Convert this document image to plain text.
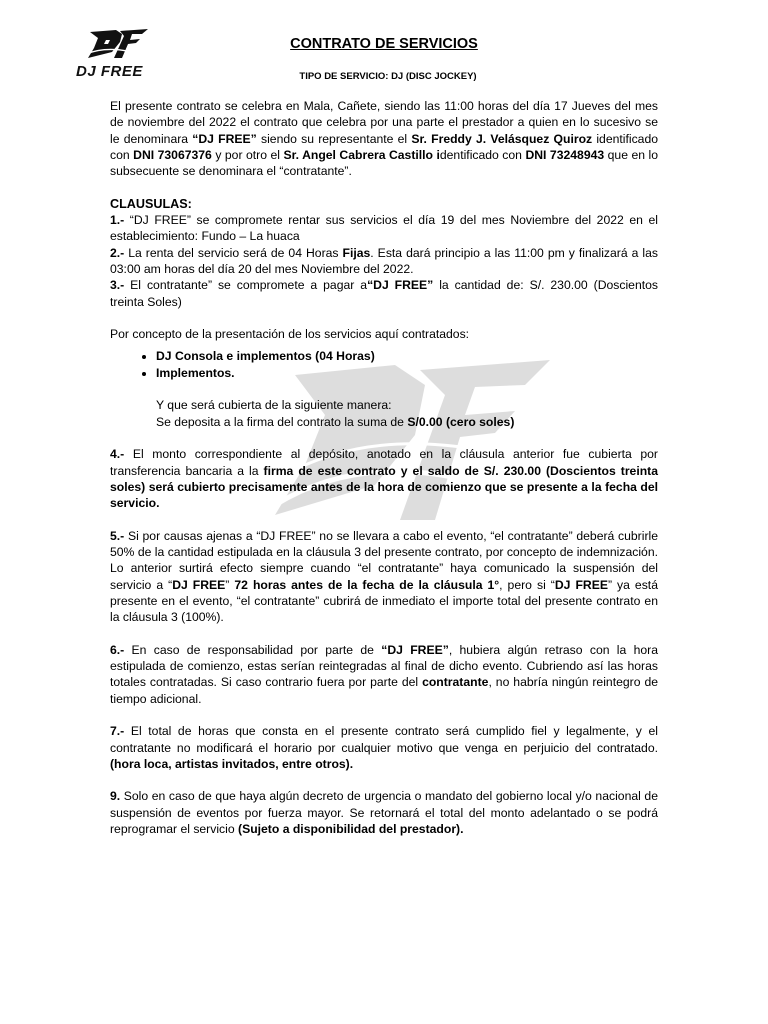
DJ FREE
CONTRATO DE SERVICIOS
TIPO DE SERVICIO: DJ (DISC JOCKEY)

El presente contrato se celebra en Mala, Cañete, siendo las 11:00 horas del día 17 Jueves del mes de noviembre del 2022 el contrato que celebra por una parte el prestador a quien en lo sucesivo se le denominara “DJ FREE” siendo su representante el Sr. Freddy J. Velásquez Quiroz identificado con DNI 73067376 y por otro el Sr. Angel Cabrera Castillo identificado con DNI 73248943 que en lo subsecuente se denominara el “contratante”.

CLAUSULAS:

1.- “DJ FREE” se compromete rentar sus servicios el día 19 del mes Noviembre del 2022 en el establecimiento: Fundo – La huaca

2.- La renta del servicio será de 04 Horas Fijas. Esta dará principio a las 11:00 pm y finalizará a las 03:00 am horas del día 20 del mes Noviembre del 2022.

3.- El contratante” se compromete a pagar a“DJ FREE” la cantidad de: S/. 230.00 (Doscientos treinta Soles)

Por concepto de la presentación de los servicios aquí contratados:

• DJ Consola e implementos (04 Horas)
• Implementos.

Y que será cubierta de la siguiente manera:

Se deposita a la firma del contrato la suma de S/0.00 (cero soles)

4.- El monto correspondiente al depósito, anotado en la cláusula anterior fue cubierta por transferencia bancaria a la firma de este contrato y el saldo de S/. 230.00 (Doscientos treinta soles) será cubierto precisamente antes de la hora de comienzo que se presente a la fecha del servicio.

5.- Si por causas ajenas a “DJ FREE” no se llevara a cabo el evento, “el contratante” deberá cubrirle 50% de la cantidad estipulada en la cláusula 3 del presente contrato, por concepto de indemnización. Lo anterior surtirá efecto siempre cuando “el contratante” haya comunicado la suspensión del servicio a “DJ FREE” 72 horas antes de la fecha de la cláusula 1°, pero si “DJ FREE” ya está presente en el evento, “el contratante” cubrirá de inmediato el importe total del presente contrato en la cláusula 3 (100%).

6.- En caso de responsabilidad por parte de “DJ FREE”, hubiera algún retraso con la hora estipulada de comienzo, estas serían reintegradas al final de dicho evento. Cubriendo así las horas totales contratadas. Si caso contrario fuera por parte del contratante, no habría ningún reintegro de tiempo adicional.

7.- El total de horas que consta en el presente contrato será cumplido fiel y legalmente, y el contratante no modificará el horario por cualquier motivo que venga en perjuicio del contratado. (hora loca, artistas invitados, entre otros).

9. Solo en caso de que haya algún decreto de urgencia o mandato del gobierno local y/o nacional de suspensión de eventos por fuerza mayor. Se retornará el total del monto adelantado o se podrá reprogramar el servicio (Sujeto a disponibilidad del prestador).
